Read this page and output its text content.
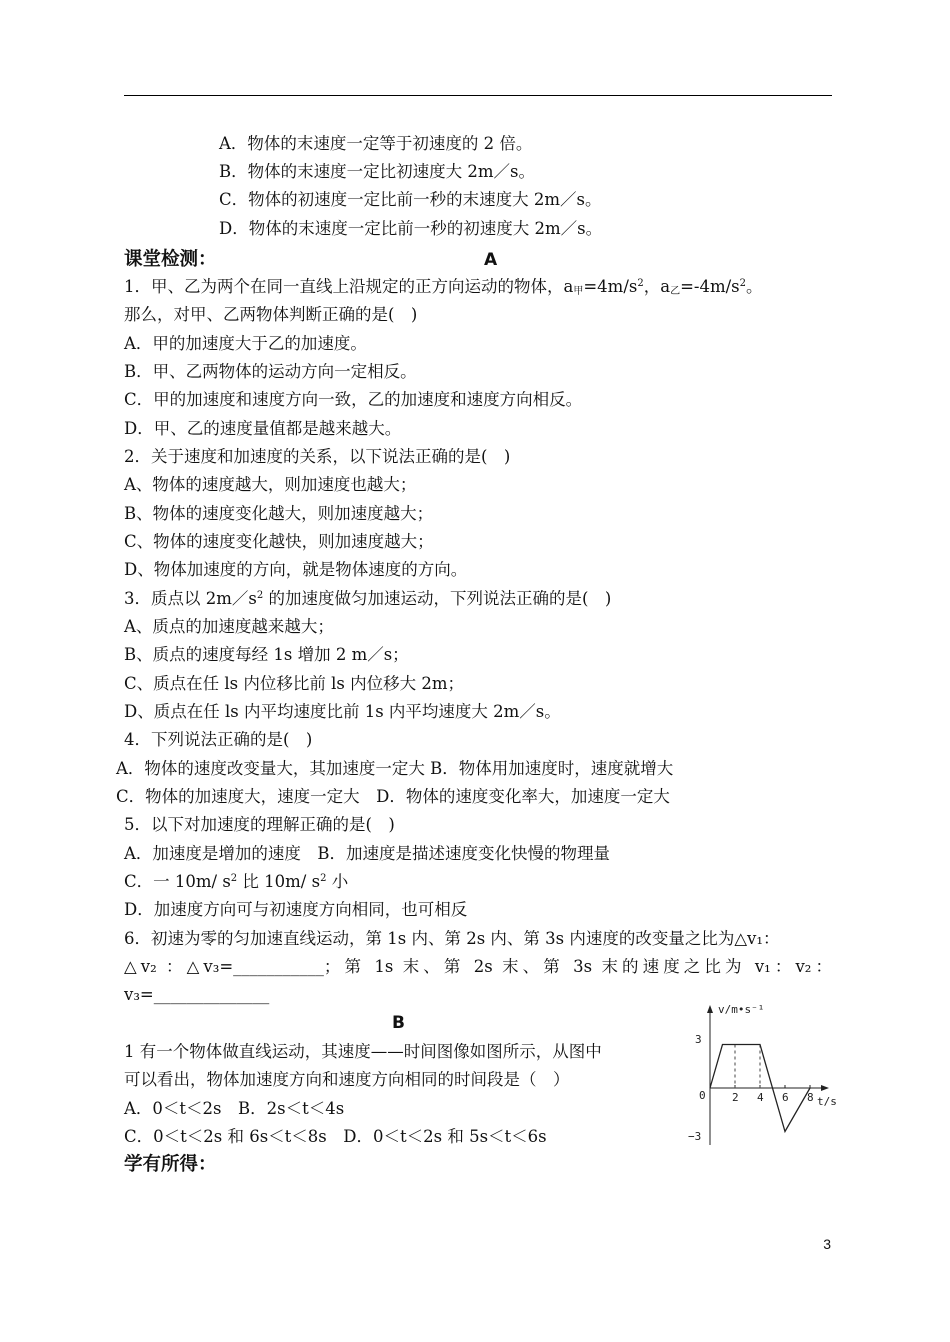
A．物体的末速度一定等于初速度的 2 倍。
B．物体的末速度一定比初速度大 2m／s。
C．物体的初速度一定比前一秒的末速度大 2m／s。
D．物体的末速度一定比前一秒的初速度大 2m／s。
课堂检测：	A
1．甲、乙为两个在同一直线上沿规定的正方向运动的物体，$a_甲=4m/s^2$，$a_乙=-4m/s^2$。
那么，对甲、乙两物体判断正确的是(　)
A．甲的加速度大于乙的加速度。
B．甲、乙两物体的运动方向一定相反。
C．甲的加速度和速度方向一致，乙的加速度和速度方向相反。
D．甲、乙的速度量值都是越来越大。
2．关于速度和加速度的关系，以下说法正确的是(　)
A、物体的速度越大，则加速度也越大；
B、物体的速度变化越大，则加速度越大；
C、物体的速度变化越快，则加速度越大；
D、物体加速度的方向，就是物体速度的方向。
3．质点以 $2m/s^2$ 的加速度做匀加速运动，下列说法正确的是(　)
A、质点的加速度越来越大；
B、质点的速度每经 1s 增加 2 m／s；
C、质点在任 ls 内位移比前 ls 内位移大 2m；
D、质点在任 ls 内平均速度比前 1s 内平均速度大 2m／s。
4．下列说法正确的是(　)
A．物体的速度改变量大，其加速度一定大 B．物体用加速度时，速度就增大
C．物体的加速度大，速度一定大　D．物体的速度变化率大，加速度一定大
5．以下对加速度的理解正确的是(　)
A．加速度是增加的速度　B．加速度是描述速度变化快慢的物理量
C．一 10m/ $s^2$ 比 10m/ $s^2$ 小
D．加速度方向可与初速度方向相同，也可相反
6．初速为零的匀加速直线运动，第 1s 内、第 2s 内、第 3s 内速度的改变量之比为△v₁：
△v₂ ：△v₃=___________；第 1s 末、第 2s 末、第 3s 末的速度之比为 v₁：v₂：
v₃=______________
B
1 有一个物体做直线运动，其速度——时间图像如图所示，从图中
可以看出，物体加速度方向和速度方向相同的时间段是（　）
A．0＜t＜2s　B．2s＜t＜4s
C．0＜t＜2s 和 6s＜t＜8s　D．0＜t＜2s 和 5s＜t＜6s
学有所得：
3
v/m•s⁻¹
t/s
3
0
−3
2 4 6 8
